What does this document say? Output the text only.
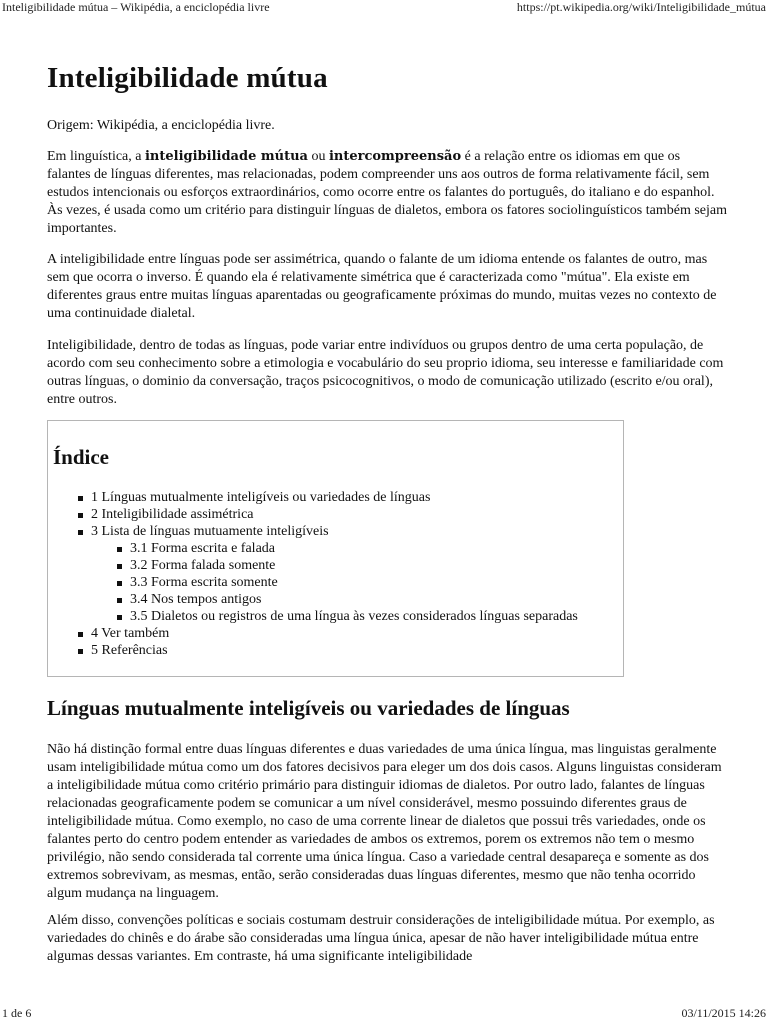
Inteligibilidade mútua – Wikipédia, a enciclopédia livre	https://pt.wikipedia.org/wiki/Inteligibilidade_mútua
Inteligibilidade mútua

Origem: Wikipédia, a enciclopédia livre.

Em linguística, a inteligibilidade mútua ou intercompreensão é a relação entre os idiomas em que os falantes de línguas diferentes, mas relacionadas, podem compreender uns aos outros de forma relativamente fácil, sem estudos intencionais ou esforços extraordinários, como ocorre entre os falantes do português, do italiano e do espanhol. Às vezes, é usada como um critério para distinguir línguas de dialetos, embora os fatores sociolinguísticos também sejam importantes.

A inteligibilidade entre línguas pode ser assimétrica, quando o falante de um idioma entende os falantes de outro, mas sem que ocorra o inverso. É quando ela é relativamente simétrica que é caracterizada como "mútua". Ela existe em diferentes graus entre muitas línguas aparentadas ou geograficamente próximas do mundo, muitas vezes no contexto de uma continuidade dialetal.

Inteligibilidade, dentro de todas as línguas, pode variar entre indivíduos ou grupos dentro de uma certa população, de acordo com seu conhecimento sobre a etimologia e vocabulário do seu proprio idioma, seu interesse e familiaridade com outras línguas, o dominio da conversação, traços psicocognitivos, o modo de comunicação utilizado (escrito e/ou oral), entre outros.

Índice
1 Línguas mutualmente inteligíveis ou variedades de línguas
2 Inteligibilidade assimétrica
3 Lista de línguas mutuamente inteligíveis
3.1 Forma escrita e falada
3.2 Forma falada somente
3.3 Forma escrita somente
3.4 Nos tempos antigos
3.5 Dialetos ou registros de uma língua às vezes considerados línguas separadas
4 Ver também
5 Referências
Línguas mutualmente inteligíveis ou variedades de línguas

Não há distinção formal entre duas línguas diferentes e duas variedades de uma única língua, mas linguistas geralmente usam inteligibilidade mútua como um dos fatores decisivos para eleger um dos dois casos. Alguns linguistas consideram a inteligibilidade mútua como critério primário para distinguir idiomas de dialetos. Por outro lado, falantes de línguas relacionadas geograficamente podem se comunicar a um nível considerável, mesmo possuindo diferentes graus de inteligibilidade mútua. Como exemplo, no caso de uma corrente linear de dialetos que possui três variedades, onde os falantes perto do centro podem entender as variedades de ambos os extremos, porem os extremos não tem o mesmo privilégio, não sendo considerada tal corrente uma única língua. Caso a variedade central desapareça e somente as dos extremos sobrevivam, as mesmas, então, serão consideradas duas línguas diferentes, mesmo que não tenha ocorrido algum mudança na linguagem.

Além disso, convenções políticas e sociais costumam destruir considerações de inteligibilidade mútua. Por exemplo, as variedades do chinês e do árabe são consideradas uma língua única, apesar de não haver inteligibilidade mútua entre algumas dessas variantes. Em contraste, há uma significante inteligibilidade

1 de 6	03/11/2015 14:26
